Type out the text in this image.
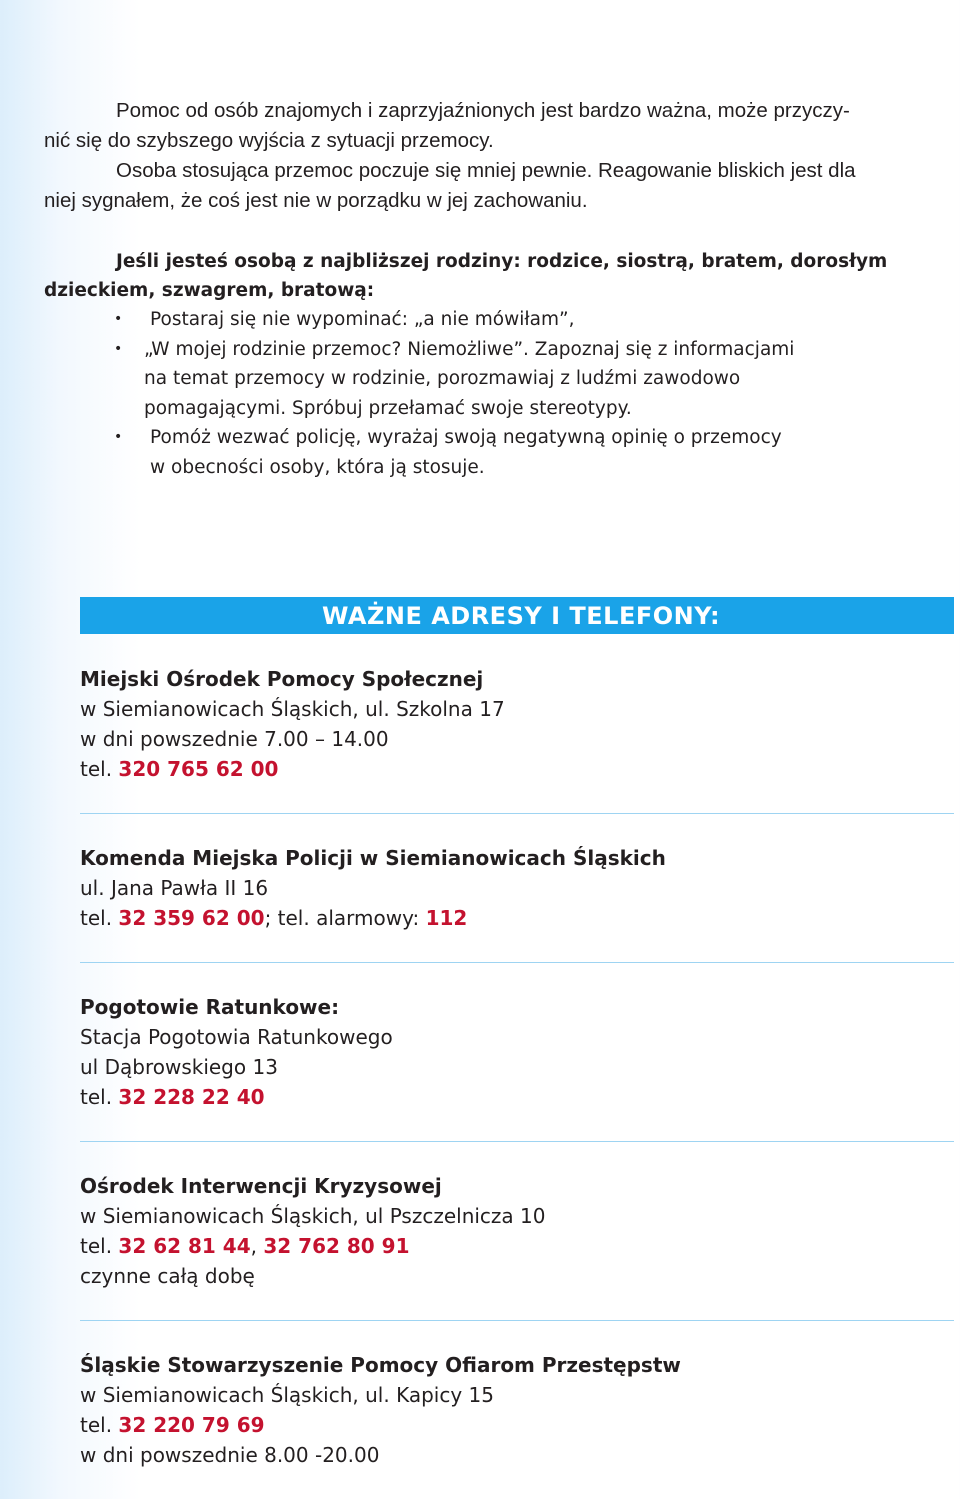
Pomoc od osób znajomych i zaprzyjaźnionych jest bardzo ważna, może przyczy-
nić się do szybszego wyjścia z sytuacji przemocy.

Osoba stosująca przemoc poczuje się mniej pewnie. Reagowanie bliskich jest dla
niej sygnałem, że coś jest nie w porządku w jej zachowaniu.

Jeśli jesteś osobą z najbliższej rodziny: rodzice, siostrą, bratem, dorosłym
dzieckiem, szwagrem, bratową:

• Postaraj się nie wypominać: „a nie mówiłam”,
• „W mojej rodzinie przemoc? Niemożliwe”. Zapoznaj się z informacjami
na temat przemocy w rodzinie, porozmawiaj z ludźmi zawodowo
pomagającymi. Spróbuj przełamać swoje stereotypy.
• Pomóż wezwać policję, wyrażaj swoją negatywną opinię o przemocy
w obecności osoby, która ją stosuje.
WAŻNE ADRESY I TELEFONY:
Miejski Ośrodek Pomocy Społecznej
w Siemianowicach Śląskich, ul. Szkolna 17
w dni powszednie 7.00 – 14.00
tel. 320 765 62 00
Komenda Miejska Policji w Siemianowicach Śląskich
ul. Jana Pawła II 16
tel. 32 359 62 00; tel. alarmowy: 112
Pogotowie Ratunkowe:
Stacja Pogotowia Ratunkowego
ul Dąbrowskiego 13
tel. 32 228 22 40
Ośrodek Interwencji Kryzysowej
w Siemianowicach Śląskich, ul Pszczelnicza 10
tel. 32 62 81 44, 32 762 80 91
czynne całą dobę
Śląskie Stowarzyszenie Pomocy Ofiarom Przestępstw
w Siemianowicach Śląskich, ul. Kapicy 15
tel. 32 220 79 69
w dni powszednie 8.00 -20.00
